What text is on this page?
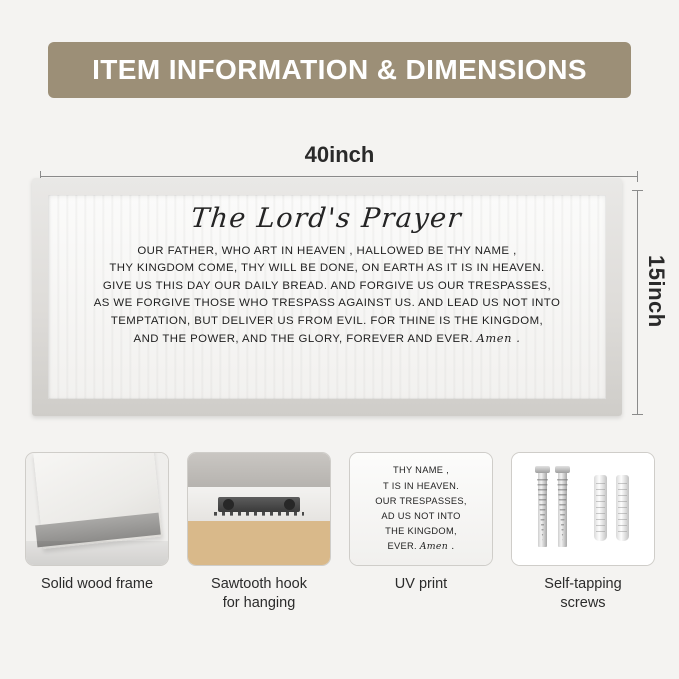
ITEM INFORMATION & DIMENSIONS
40inch
15inch
The Lord's Prayer
OUR FATHER, WHO ART IN HEAVEN , HALLOWED BE THY NAME ,
THY KINGDOM COME, THY WILL BE DONE, ON EARTH AS IT IS IN HEAVEN.
GIVE US THIS DAY OUR DAILY BREAD. AND FORGIVE US OUR TRESPASSES,
AS WE FORGIVE THOSE WHO TRESPASS AGAINST US. AND LEAD US NOT INTO
TEMPTATION, BUT DELIVER US FROM EVIL. FOR THINE IS THE KINGDOM,
AND THE POWER, AND THE GLORY, FOREVER AND EVER. Amen .
Solid wood frame	Sawtooth hook
for hanging
THY NAME ,
T IS IN HEAVEN.
OUR TRESPASSES,
AD US NOT INTO
THE KINGDOM,
EVER. Amen .
UV print	Self-tapping
screws
